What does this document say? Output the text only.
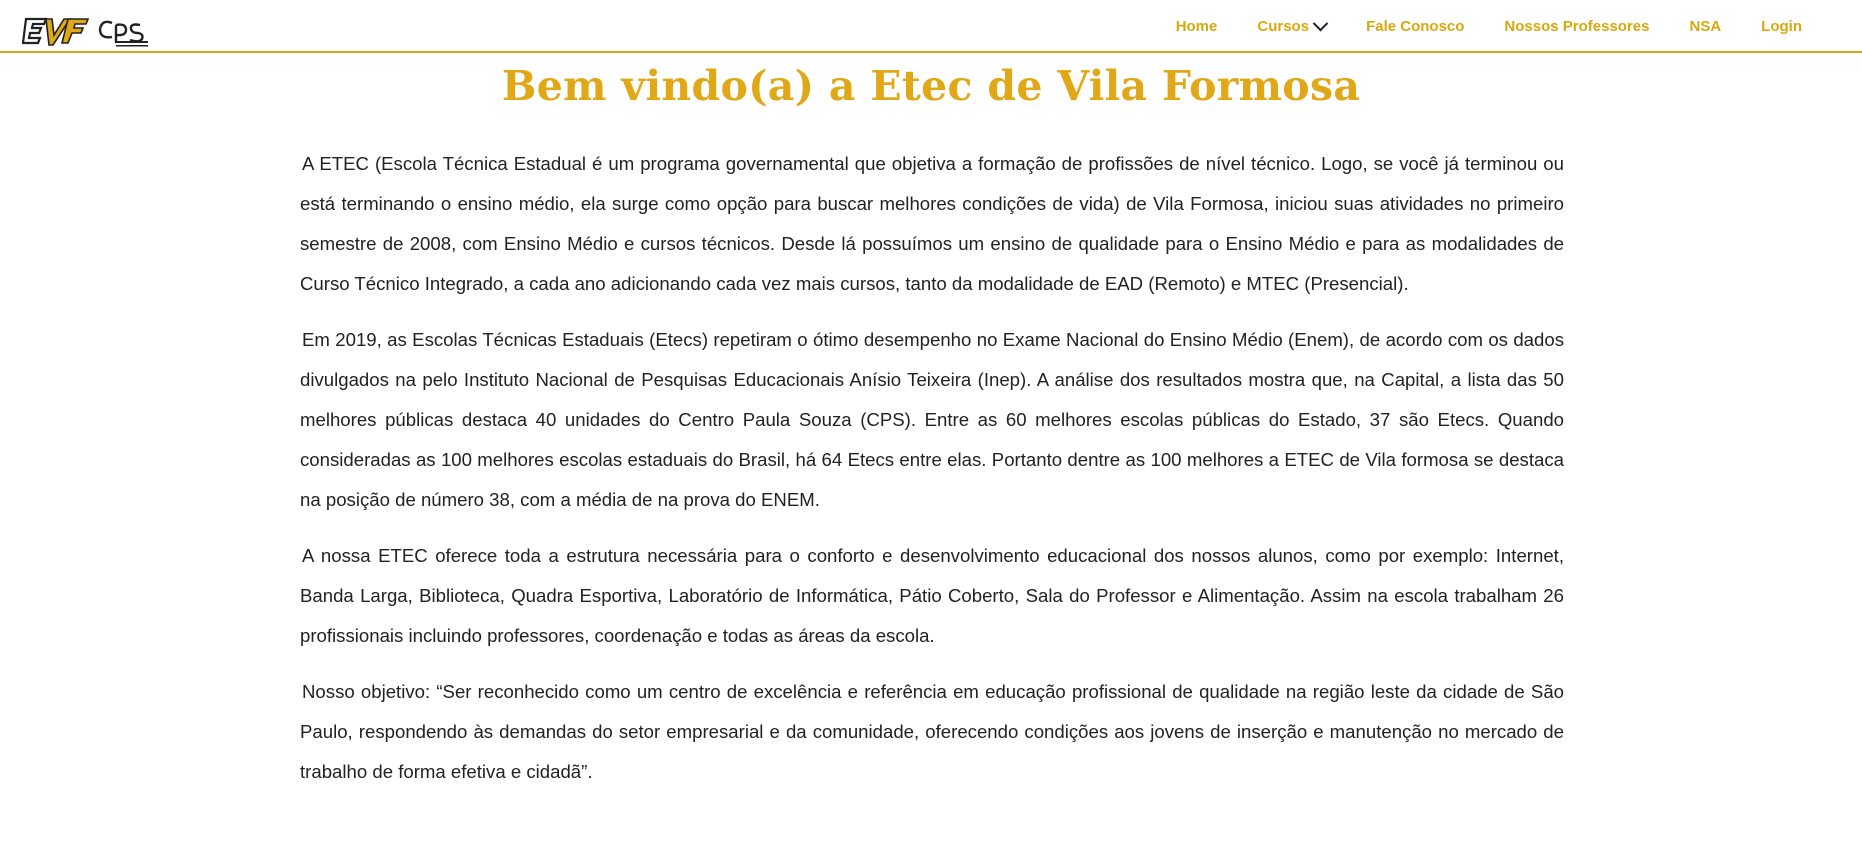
Home	Cursos	Fale Conosco	Nossos Professores	NSA	Login
Bem vindo(a) a Etec de Vila Formosa

A ETEC (Escola Técnica Estadual é um programa governamental que objetiva a formação de profissões de nível técnico. Logo, se você já terminou ou está terminando o ensino médio, ela surge como opção para buscar melhores condições de vida) de Vila Formosa, iniciou suas atividades no primeiro semestre de 2008, com Ensino Médio e cursos técnicos. Desde lá possuímos um ensino de qualidade para o Ensino Médio e para as modalidades de Curso Técnico Integrado, a cada ano adicionando cada vez mais cursos, tanto da modalidade de EAD (Remoto) e MTEC (Presencial).

Em 2019, as Escolas Técnicas Estaduais (Etecs) repetiram o ótimo desempenho no Exame Nacional do Ensino Médio (Enem), de acordo com os dados divulgados na pelo Instituto Nacional de Pesquisas Educacionais Anísio Teixeira (Inep). A análise dos resultados mostra que, na Capital, a lista das 50 melhores públicas destaca 40 unidades do Centro Paula Souza (CPS). Entre as 60 melhores escolas públicas do Estado, 37 são Etecs. Quando consideradas as 100 melhores escolas estaduais do Brasil, há 64 Etecs entre elas. Portanto dentre as 100 melhores a ETEC de Vila formosa se destaca na posição de número 38, com a média de na prova do ENEM.

A nossa ETEC oferece toda a estrutura necessária para o conforto e desenvolvimento educacional dos nossos alunos, como por exemplo: Internet, Banda Larga, Biblioteca, Quadra Esportiva, Laboratório de Informática, Pátio Coberto, Sala do Professor e Alimentação. Assim na escola trabalham 26 profissionais incluindo professores, coordenação e todas as áreas da escola.

Nosso objetivo: “Ser reconhecido como um centro de excelência e referência em educação profissional de qualidade na região leste da cidade de São Paulo, respondendo às demandas do setor empresarial e da comunidade, oferecendo condições aos jovens de inserção e manutenção no mercado de trabalho de forma efetiva e cidadã”.
